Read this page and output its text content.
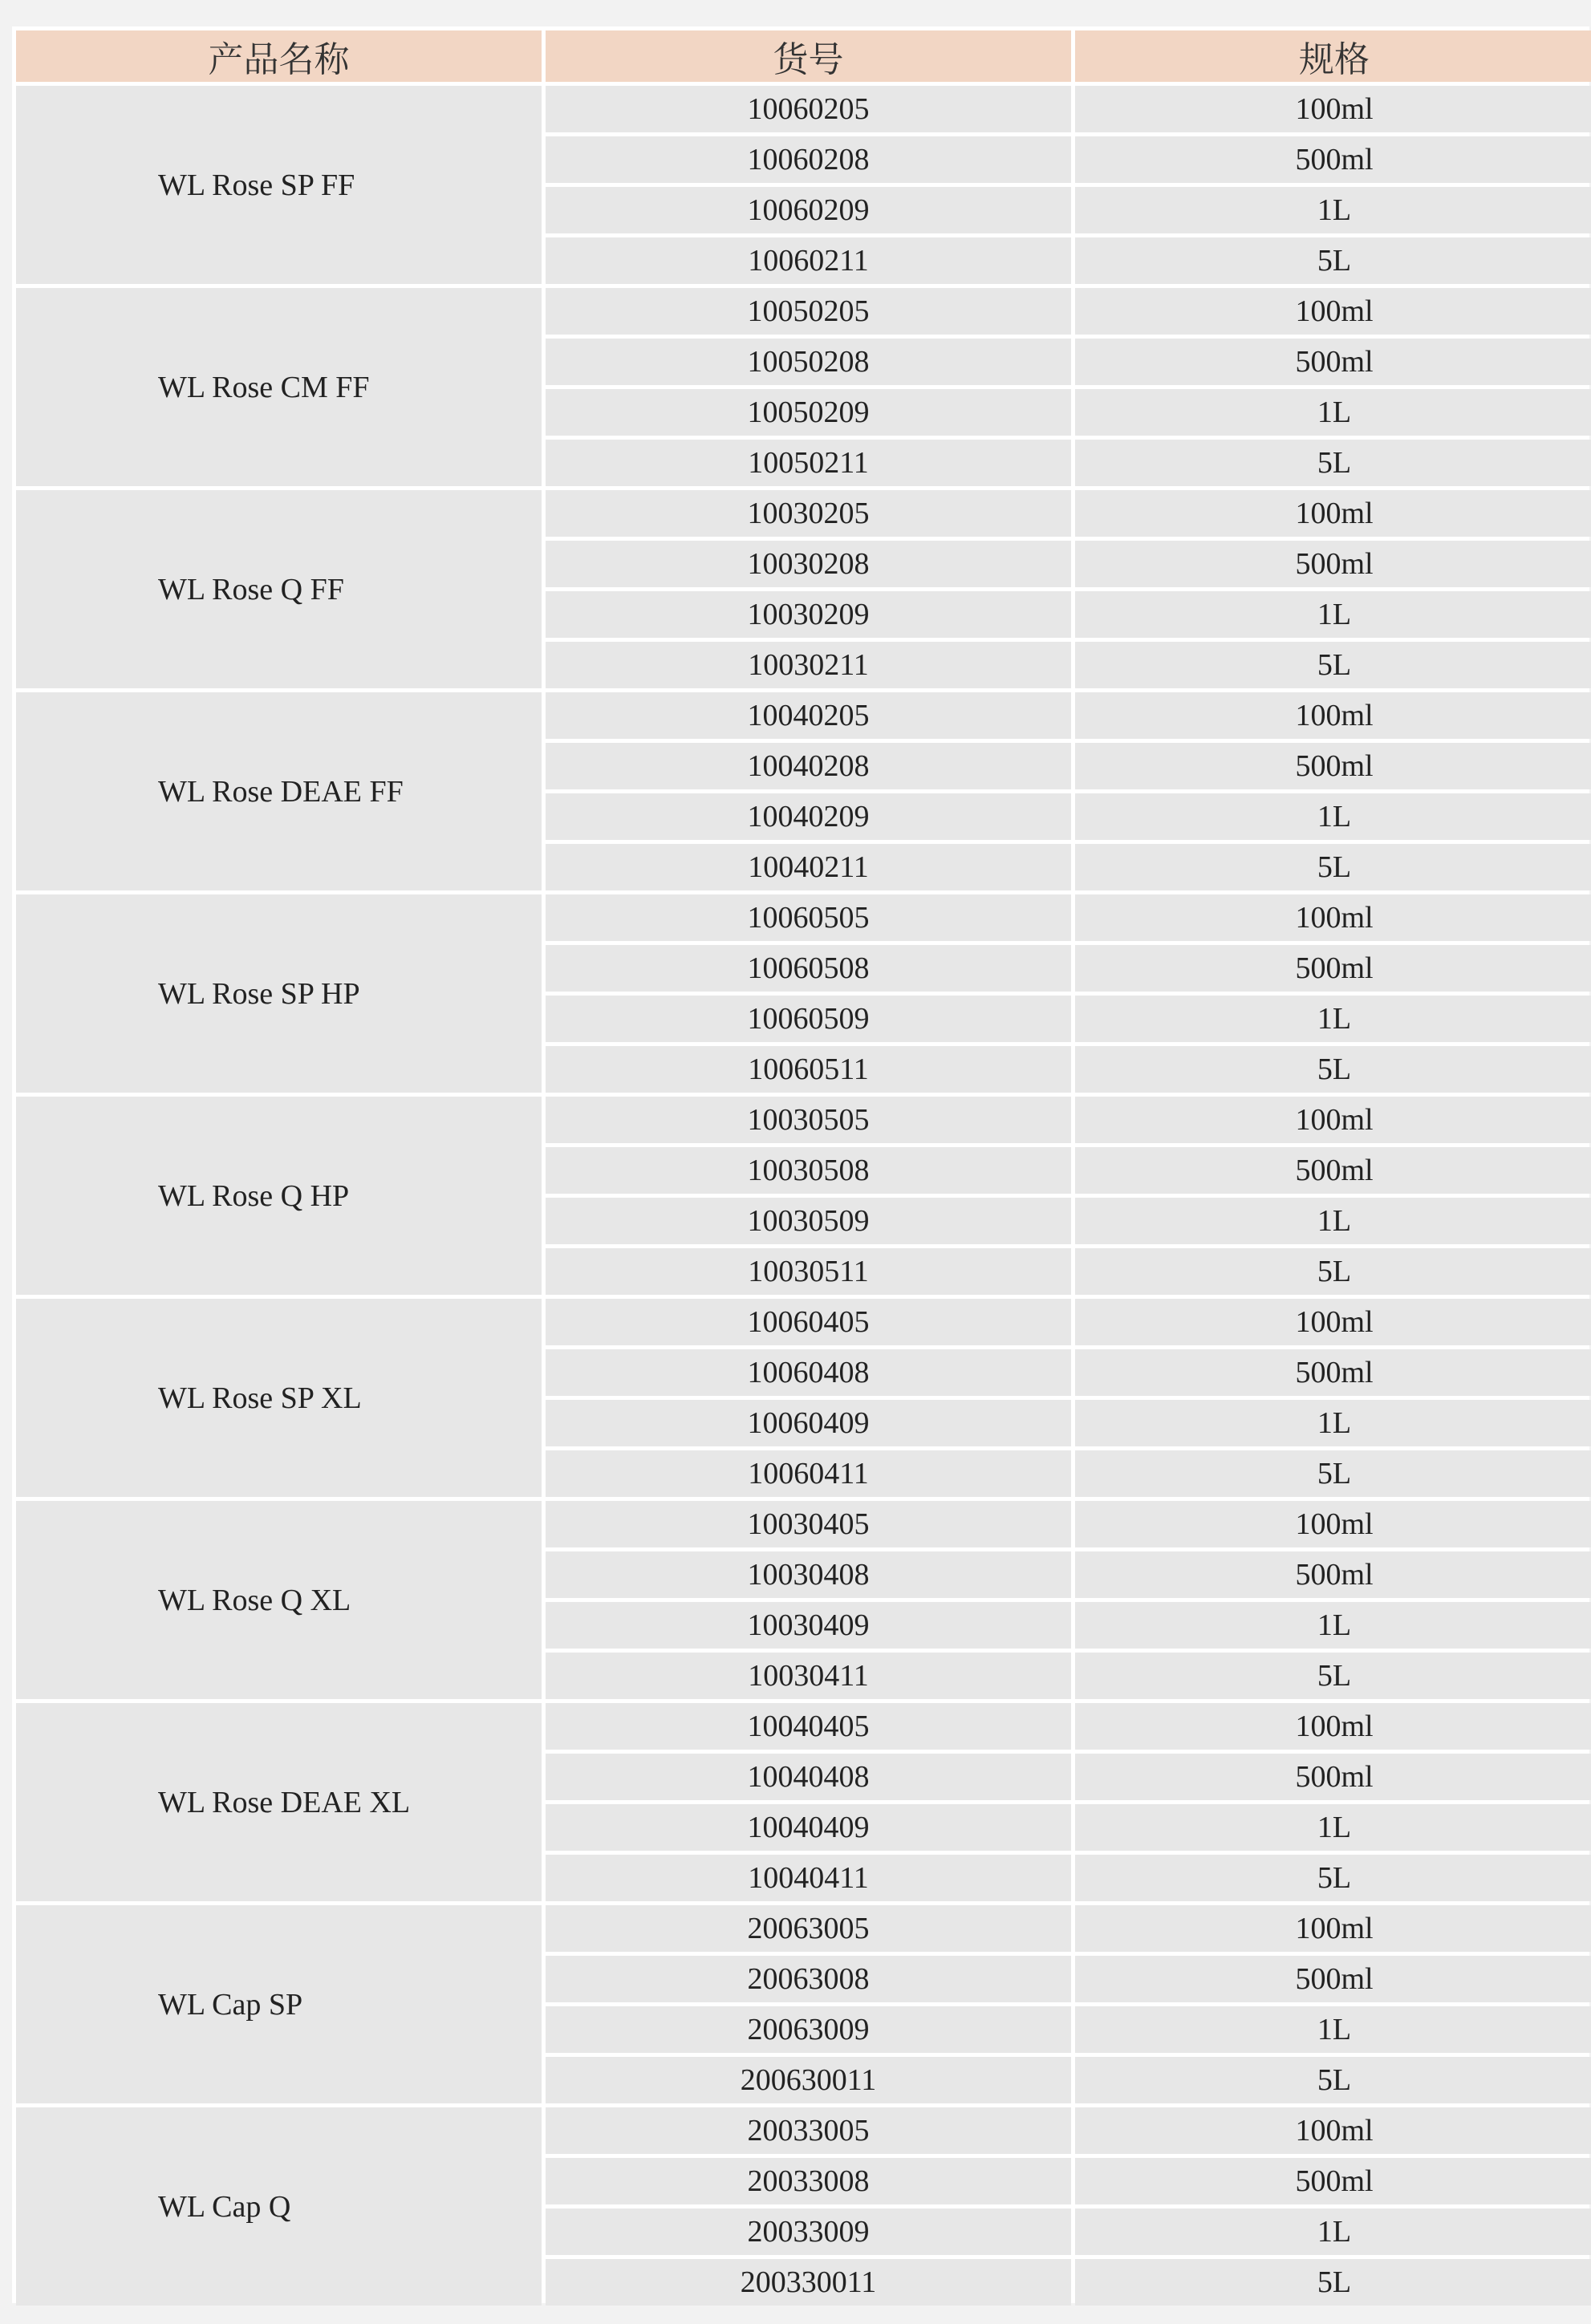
产品名称	货号	规格
WL Rose SP FF	10060205	100ml
	10060208	500ml
	10060209	1L
	10060211	5L
WL Rose CM FF	10050205	100ml
	10050208	500ml
	10050209	1L
	10050211	5L
WL Rose Q FF	10030205	100ml
	10030208	500ml
	10030209	1L
	10030211	5L
WL Rose DEAE FF	10040205	100ml
	10040208	500ml
	10040209	1L
	10040211	5L
WL Rose SP HP	10060505	100ml
	10060508	500ml
	10060509	1L
	10060511	5L
WL Rose Q HP	10030505	100ml
	10030508	500ml
	10030509	1L
	10030511	5L
WL Rose SP XL	10060405	100ml
	10060408	500ml
	10060409	1L
	10060411	5L
WL Rose Q XL	10030405	100ml
	10030408	500ml
	10030409	1L
	10030411	5L
WL Rose DEAE XL	10040405	100ml
	10040408	500ml
	10040409	1L
	10040411	5L
WL Cap SP	20063005	100ml
	20063008	500ml
	20063009	1L
	200630011	5L
WL Cap Q	20033005	100ml
	20033008	500ml
	20033009	1L
	200330011	5L
